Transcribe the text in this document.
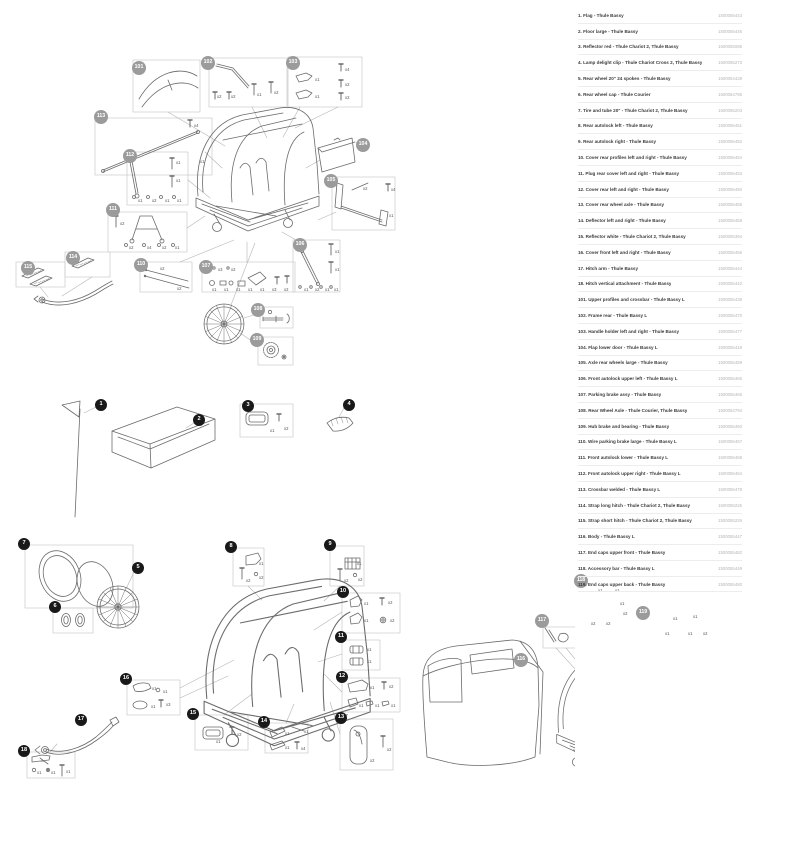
101
102	103
104
105
106
107
108
109
110
111
112
113
114
115
116
117
118
119
1
2
3	4
5
6
7	8	9
10
11
12
13
14
15
16
17
18
x2 x2	x1	x2
x1
x1
x4
x2
x2
x4
x1
x1
x1
x1 x2 x1 x1
x2
x2	x4	x2 x1
x2	x4
x1
x2
x2
x3 x2
x1 x1 x1 x1 x1 x3 x2
x1
x1
x1 x2 x1 x1
x1 x2
x1
x2
x2
x1
x2 x2
x1	x2
x1	x2
x1
x1
x1	x2
x1	x1	x1
x2
x2
x1	x1
x1	x4
x1
x2
x1
x1
x1	x3
x1 x1	x1
x1	x1
x1
x2
x2	x2
x1	x1
x1	x1	x2
1. Flag - Thule Bassy	1500055443
2. Floor large - Thule Bassy	1500055445
3. Reflector red - Thule Chariot 2, Thule Bassy	1500055085
4. Lamp delight clip - Thule Chariot Cross 2, Thule Bassy	1500055273
5. Rear wheel 20" 24 spokes - Thule Bassy	1500054428
6. Rear wheel cap - Thule Courier	1500054796
7. Tire and tube 20" - Thule Chariot 2, Thule Bassy	1500055203
8. Rear autolock left - Thule Bassy	1500055451
9. Rear autolock right - Thule Bassy	1500055452
10. Cover rear profiles left and right - Thule Bassy	1500055454
11. Plug rear cover left and right - Thule Bassy	1500055453
12. Cover rear left and right - Thule Bassy	1500055450
13. Cover rear wheel axle - Thule Bassy	1500055455
14. Deflector left and right - Thule Bassy	1500055458
15. Reflector white - Thule Chariot 2, Thule Bassy	1500055394
16. Cover front left and right - Thule Bassy	1500055456
17. Hitch arm - Thule Bassy	1500055444
18. Hitch vertical attachment - Thule Bassy	1500055442
101. Upper profiles and crossbar - Thule Bassy L	1500055439
102. Frame rear - Thule Bassy L	1500055470
103. Handle holder left and right - Thule Bassy	1500055477
104. Flap lower door - Thule Bassy L	1500055418
105. Axle rear wheels large - Thule Bassy	1500055459
106. Front autolock upper left - Thule Bassy L	1500055465
107. Parking brake assy - Thule Bassy	1500055466
108. Rear Wheel Axle - Thule Courier, Thule Bassy	1500054794
109. Hub brake and bearing - Thule Bassy	1500055460
110. Wire parking brake large - Thule Bassy L	1500055467
111. Front autolock lower - Thule Bassy L	1500055469
112. Front autolock upper right - Thule Bassy L	1500055464
113. Crossbar welded - Thule Bassy L	1500055478
114. Strap long hitch - Thule Chariot 2, Thule Bassy	1500055225
115. Strap short hitch - Thule Chariot 2, Thule Bassy	1500055226
116. Body - Thule Bassy L	1500055447
117. End caps upper front - Thule Bassy	1500055482
118. Accessory bar - Thule Bassy L	1500055449
119. End caps upper back - Thule Bassy	1500055480
